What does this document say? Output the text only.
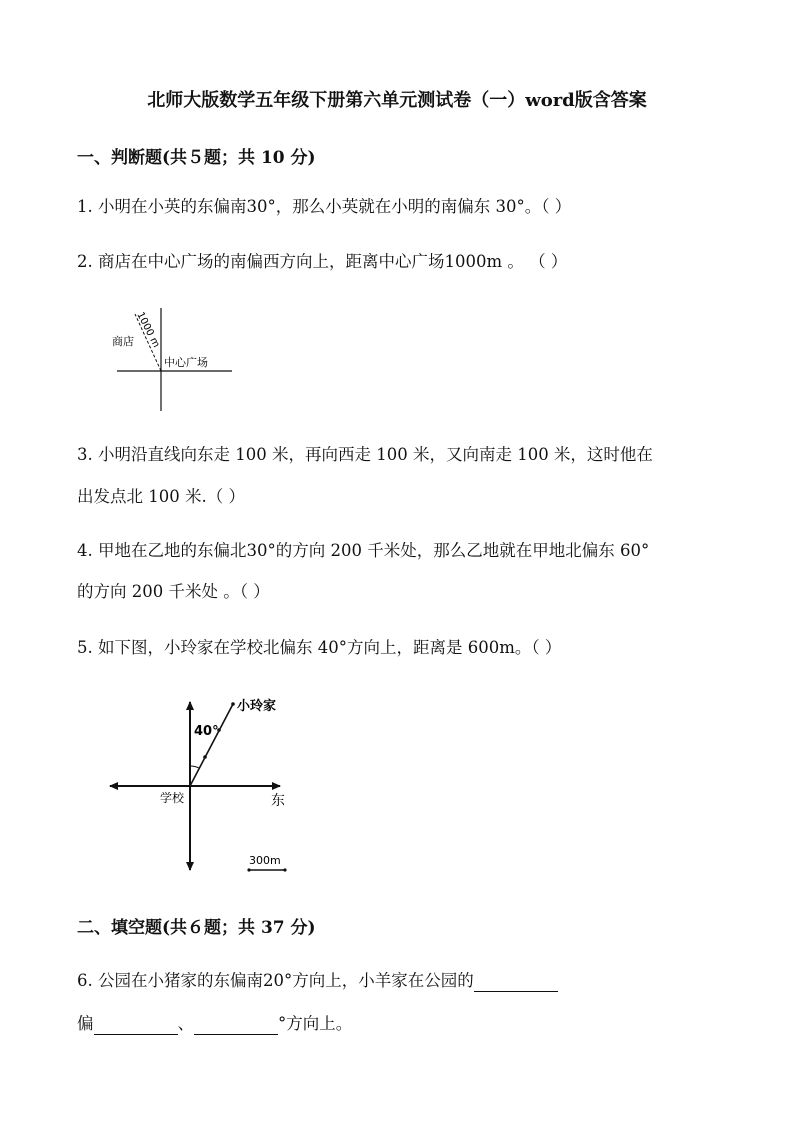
北师大版数学五年级下册第六单元测试卷（一）word版含答案
一、判断题(共５题；共 10 分)
1. 小明在小英的东偏南30°，那么小英就在小明的南偏东 30°。（ ）
2. 商店在中心广场的南偏西方向上，距离中心广场1000m 。 （ ）
商店 1000 m
中心广场
3. 小明沿直线向东走 100 米，再向西走 100 米，又向南走 100 米，这时他在
出发点北 100 米.（ ）
4. 甲地在乙地的东偏北30°的方向 200 千米处，那么乙地就在甲地北偏东 60°
的方向 200 千米处 。（ ）
5. 如下图，小玲家在学校北偏东 40°方向上，距离是 600m。（ ）
40°
小玲家
学校	东
300m
二、填空题(共６题；共 37 分)
6. 公园在小猪家的东偏南20°方向上，小羊家在公园的
偏	、	°方向上。
